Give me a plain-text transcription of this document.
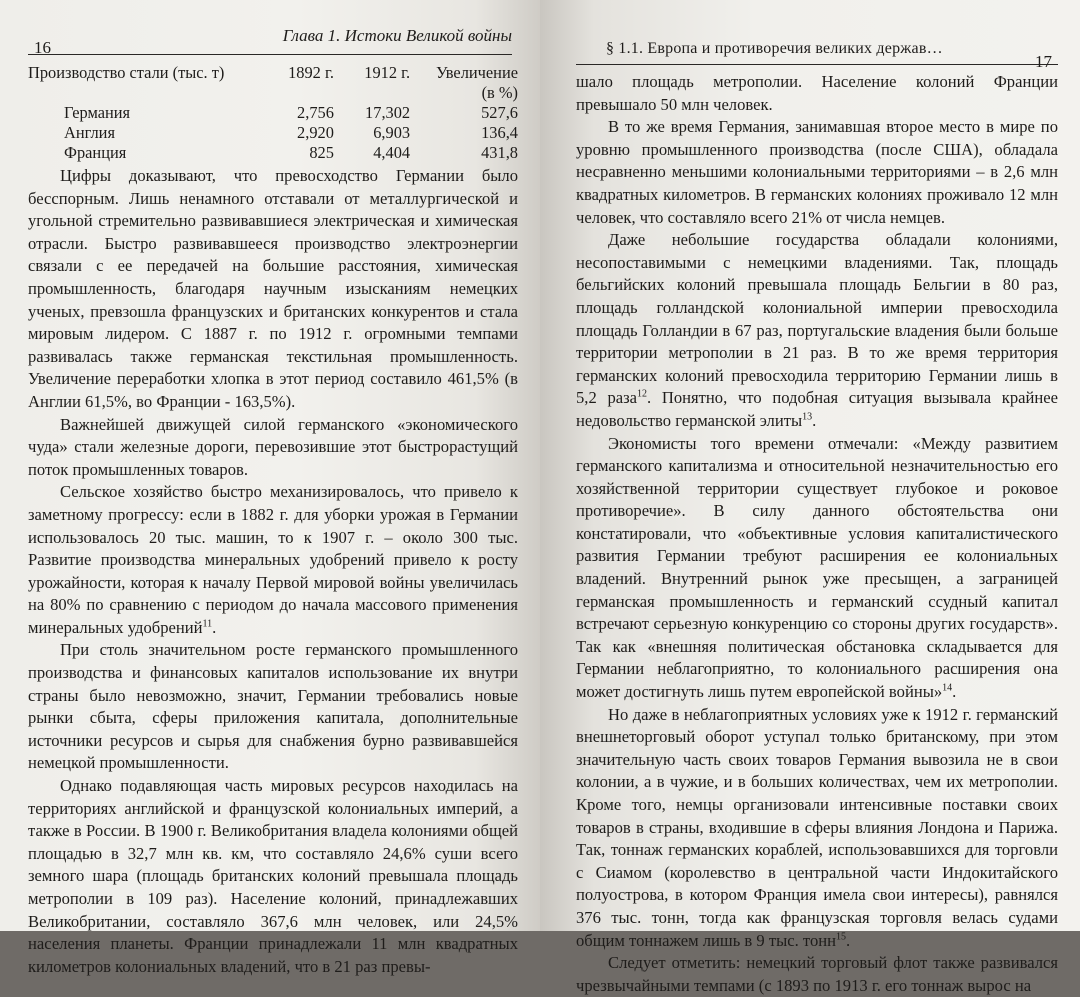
16
Глава 1. Истоки Великой войны
Производство стали (тыс. т)	1892 г.	1912 г.	Увеличение (в %)
Германия	2,756	17,302	527,6
Англия	2,920	6,903	136,4
Франция	825	4,404	431,8

Цифры доказывают, что превосходство Германии было бесспорным. Лишь ненамного отставали от металлургической и угольной стремительно развивавшиеся электрическая и химическая отрасли. Быстро развивавшееся производство электроэнергии связали с ее передачей на большие расстояния, химическая промышленность, благодаря научным изысканиям немецких ученых, превзошла французских и британских конкурентов и стала мировым лидером. С 1887 г. по 1912 г. огромными темпами развивалась также германская текстильная промышленность. Увеличение переработки хлопка в этот период составило 461,5% (в Англии 61,5%, во Франции - 163,5%).

Важнейшей движущей силой германского «экономического чуда» стали железные дороги, перевозившие этот быстрорастущий поток промышленных товаров.

Сельское хозяйство быстро механизировалось, что привело к заметному прогрессу: если в 1882 г. для уборки урожая в Германии использовалось 20 тыс. машин, то к 1907 г. – около 300 тыс. Развитие производства минеральных удобрений привело к росту урожайности, которая к началу Первой мировой войны увеличилась на 80% по сравнению с периодом до начала массового применения минеральных удобрений$^{11}$.

При столь значительном росте германского промышленного производства и финансовых капиталов использование их внутри страны было невозможно, значит, Германии требовались новые рынки сбыта, сферы приложения капитала, дополнительные источники ресурсов и сырья для снабжения бурно развивавшейся немецкой промышленности.

Однако подавляющая часть мировых ресурсов находилась на территориях английской и французской колониальных империй, а также в России. В 1900 г. Великобритания владела колониями общей площадью в 32,7 млн кв. км, что составляло 24,6% суши всего земного шара (площадь британских колоний превышала площадь метрополии в 109 раз). Население колоний, принадлежавших Великобритании, составляло 367,6 млн человек, или 24,5% населения планеты. Франции принадлежали 11 млн квадратных километров колониальных владений, что в 21 раз превы-

§ 1.1. Европа и противоречия великих держав…
17

шало площадь метрополии. Население колоний Франции превышало 50 млн человек.

В то же время Германия, занимавшая второе место в мире по уровню промышленного производства (после США), обладала несравненно меньшими колониальными территориями – в 2,6 млн квадратных километров. В германских колониях проживало 12 млн человек, что составляло всего 21% от числа немцев.

Даже небольшие государства обладали колониями, несопоставимыми с немецкими владениями. Так, площадь бельгийских колоний превышала площадь Бельгии в 80 раз, площадь голландской колониальной империи превосходила площадь Голландии в 67 раз, португальские владения были больше территории метрополии в 21 раз. В то же время территория германских колоний превосходила территорию Германии лишь в 5,2 раза$^{12}$. Понятно, что подобная ситуация вызывала крайнее недовольство германской элиты$^{13}$.

Экономисты того времени отмечали: «Между развитием германского капитализма и относительной незначительностью его хозяйственной территории существует глубокое и роковое противоречие». В силу данного обстоятельства они констатировали, что «объективные условия капиталистического развития Германии требуют расширения ее колониальных владений. Внутренний рынок уже пресыщен, а заграницей германская промышленность и германский ссудный капитал встречают серьезную конкуренцию со стороны других государств». Так как «внешняя политическая обстановка складывается для Германии неблагоприятно, то колониального расширения она может достигнуть лишь путем европейской войны»$^{14}$.

Но даже в неблагоприятных условиях уже к 1912 г. германский внешнеторговый оборот уступал только британскому, при этом значительную часть своих товаров Германия вывозила не в свои колонии, а в чужие, и в больших количествах, чем их метрополии. Кроме того, немцы организовали интенсивные поставки своих товаров в страны, входившие в сферы влияния Лондона и Парижа. Так, тоннаж германских кораблей, использовавшихся для торговли с Сиамом (королевство в центральной части Индокитайского полуострова, в котором Франция имела свои интересы), равнялся 376 тыс. тонн, тогда как французская торговля велась судами общим тоннажем лишь в 9 тыс. тонн$^{15}$.

Следует отметить: немецкий торговый флот также развивался чрезвычайными темпами (с 1893 по 1913 г. его тоннаж вырос на
